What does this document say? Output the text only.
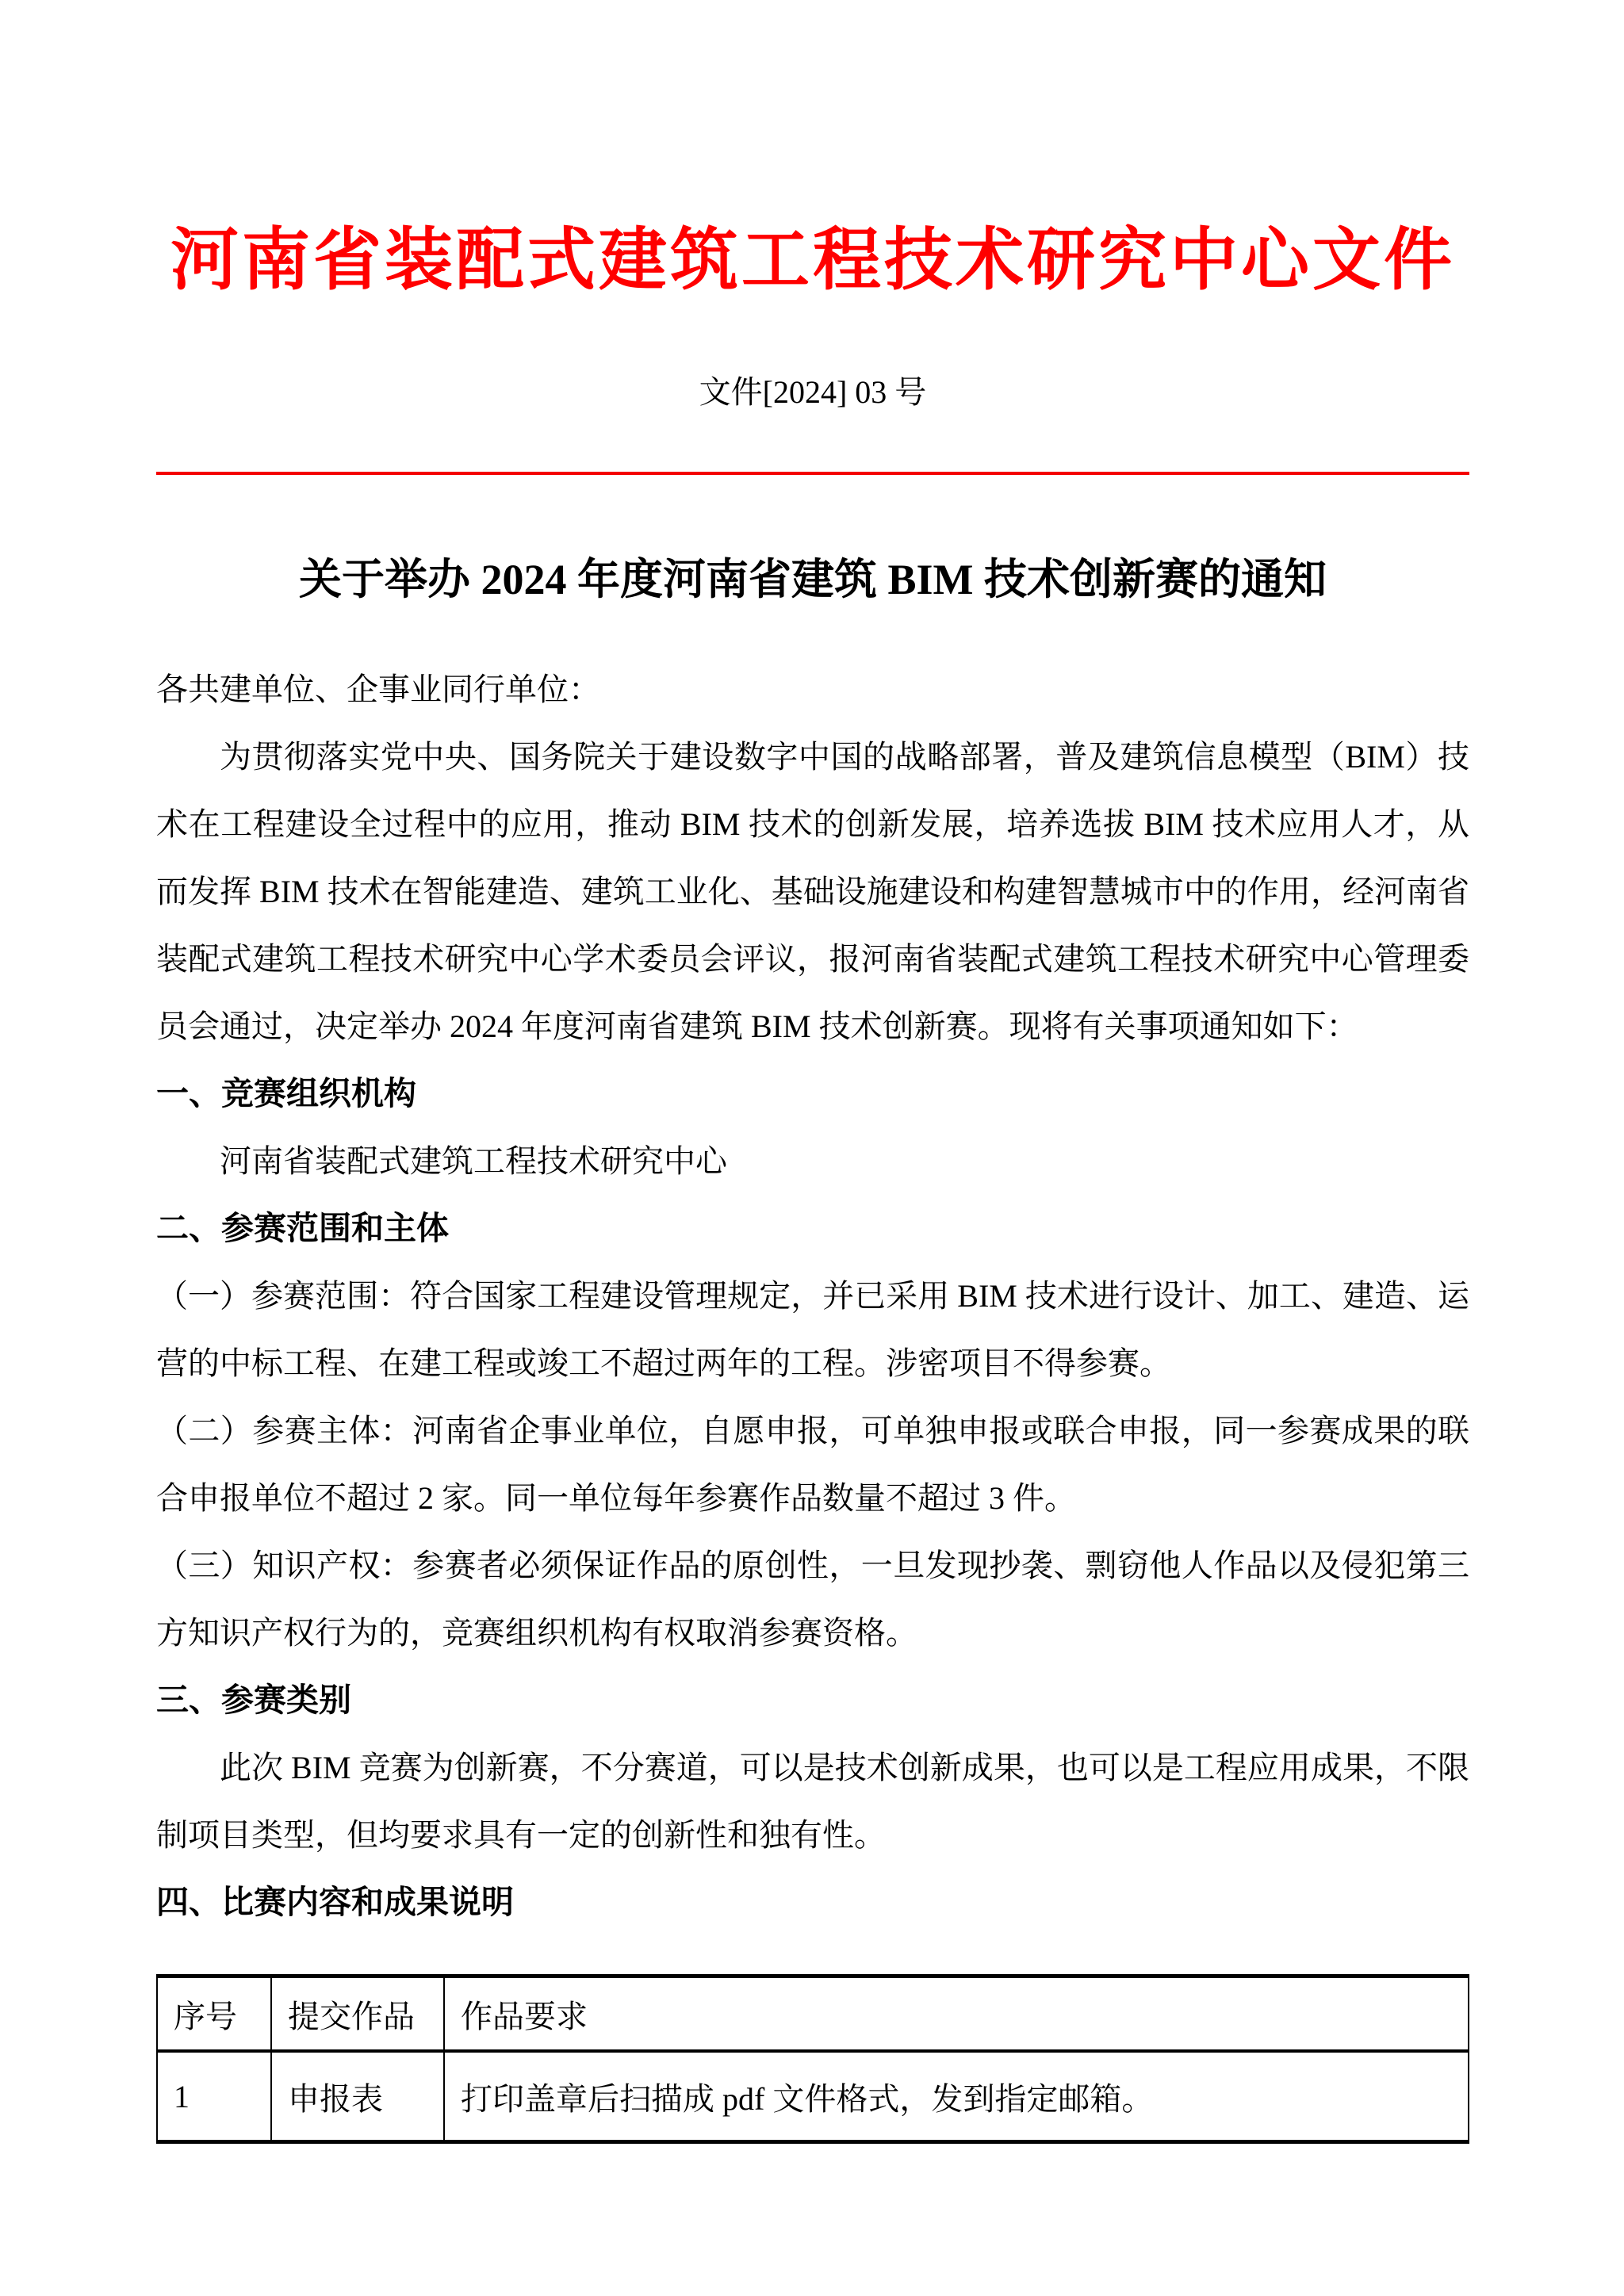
河南省装配式建筑工程技术研究中心文件
文件[2024] 03 号
关于举办 2024 年度河南省建筑 BIM 技术创新赛的通知

各共建单位、企事业同行单位：

为贯彻落实党中央、国务院关于建设数字中国的战略部署，普及建筑信息模型（BIM）技术在工程建设全过程中的应用，推动 BIM 技术的创新发展，培养选拔 BIM 技术应用人才，从而发挥 BIM 技术在智能建造、建筑工业化、基础设施建设和构建智慧城市中的作用，经河南省装配式建筑工程技术研究中心学术委员会评议，报河南省装配式建筑工程技术研究中心管理委员会通过，决定举办 2024 年度河南省建筑 BIM 技术创新赛。现将有关事项通知如下：

一、竞赛组织机构

河南省装配式建筑工程技术研究中心

二、参赛范围和主体

（一）参赛范围：符合国家工程建设管理规定，并已采用 BIM 技术进行设计、加工、建造、运营的中标工程、在建工程或竣工不超过两年的工程。涉密项目不得参赛。

（二）参赛主体：河南省企事业单位，自愿申报，可单独申报或联合申报，同一参赛成果的联合申报单位不超过 2 家。同一单位每年参赛作品数量不超过 3 件。

（三）知识产权：参赛者必须保证作品的原创性，一旦发现抄袭、剽窃他人作品以及侵犯第三方知识产权行为的，竞赛组织机构有权取消参赛资格。

三、参赛类别

此次 BIM 竞赛为创新赛，不分赛道，可以是技术创新成果，也可以是工程应用成果，不限制项目类型，但均要求具有一定的创新性和独有性。

四、比赛内容和成果说明
序号	提交作品	作品要求
1	申报表	打印盖章后扫描成 pdf 文件格式，发到指定邮箱。
